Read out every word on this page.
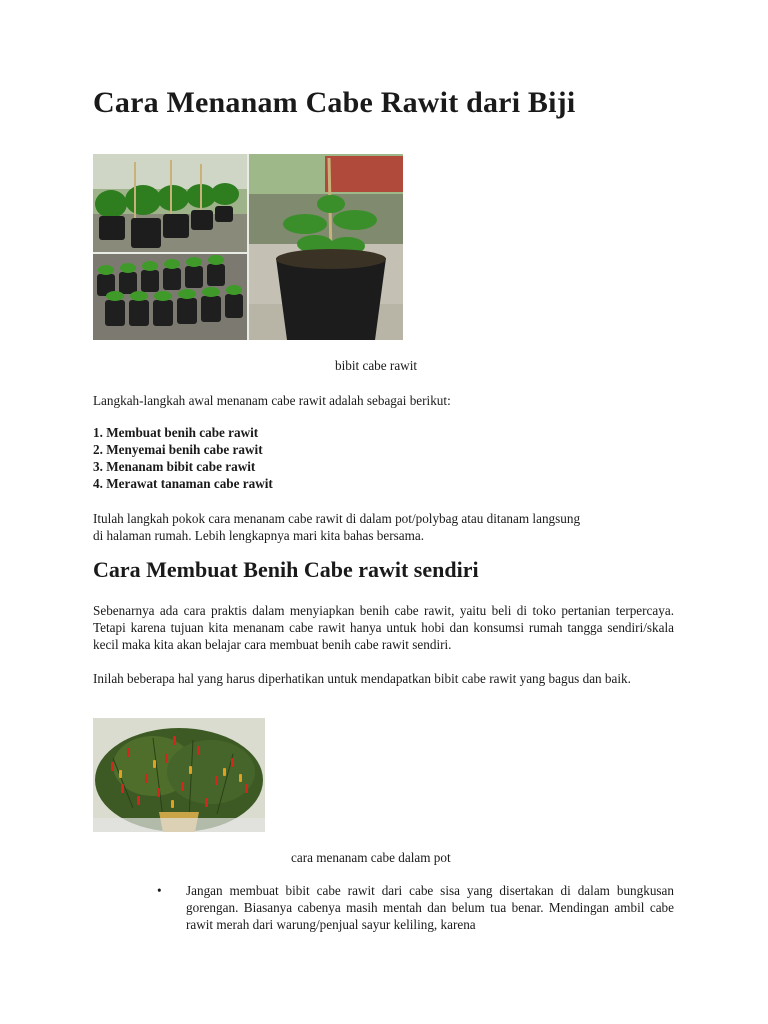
Cara Menanam Cabe Rawit dari Biji
bibit cabe rawit

Langkah-langkah awal menanam cabe rawit adalah sebagai berikut:

1. Membuat benih cabe rawit
2. Menyemai benih cabe rawit
3. Menanam bibit cabe rawit
4. Merawat tanaman cabe rawit

Itulah langkah pokok cara menanam cabe rawit di dalam pot/polybag atau ditanam langsung
di halaman rumah. Lebih lengkapnya mari kita bahas bersama.

Cara Membuat Benih Cabe rawit sendiri

Sebenarnya ada cara praktis dalam menyiapkan benih cabe rawit, yaitu beli di toko pertanian terpercaya. Tetapi karena tujuan kita menanam cabe rawit hanya untuk hobi dan konsumsi rumah tangga sendiri/skala kecil maka kita akan belajar cara membuat benih cabe rawit sendiri.

Inilah beberapa hal yang harus diperhatikan untuk mendapatkan bibit cabe rawit yang bagus dan baik.

cara menanam cabe dalam pot
• Jangan membuat bibit cabe rawit dari cabe sisa yang disertakan di dalam bungkusan gorengan. Biasanya cabenya masih mentah dan belum tua benar. Mendingan ambil cabe rawit merah dari warung/penjual sayur keliling, karena
